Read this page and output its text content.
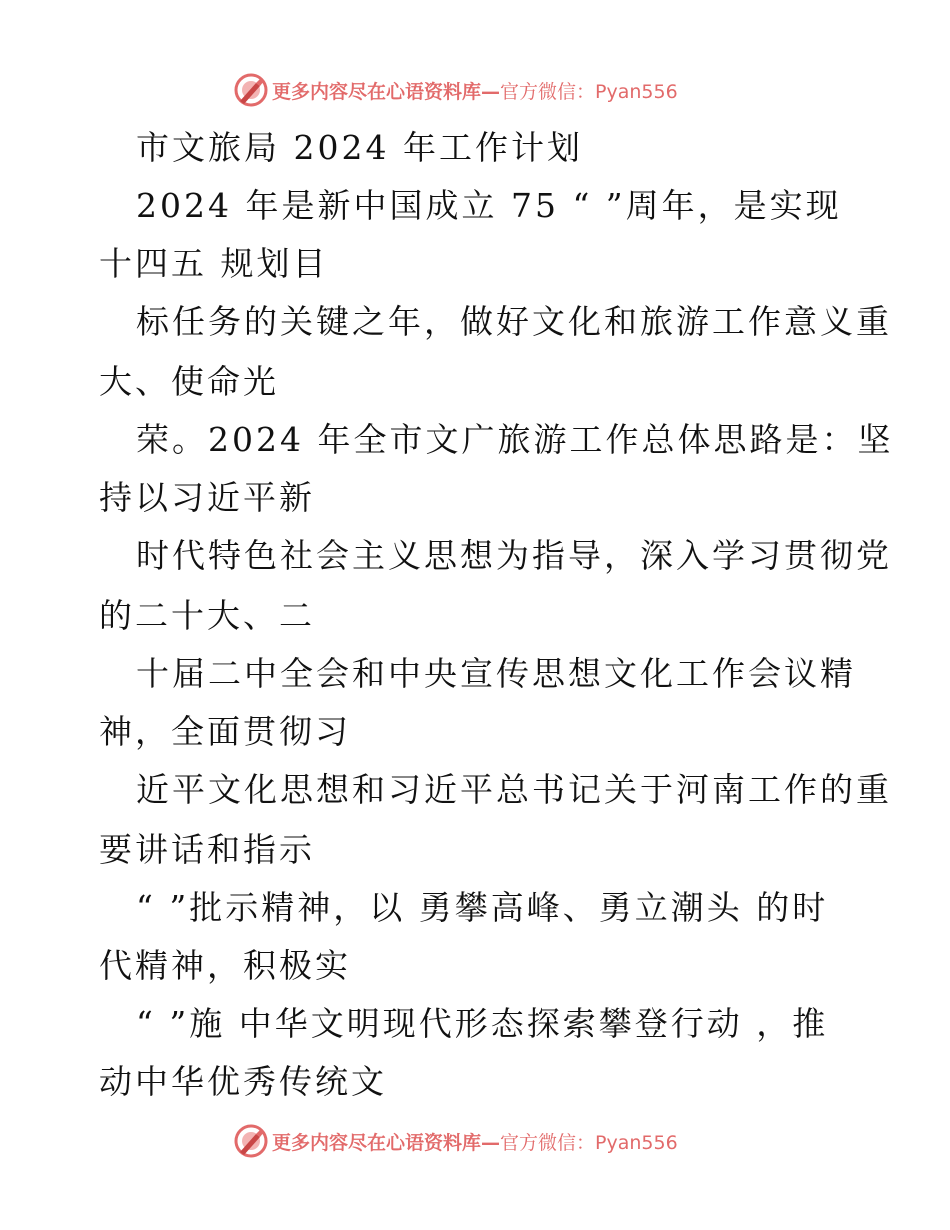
更多内容尽在心语资料库—官方微信：Pyan556
市文旅局 2024 年工作计划
2024 年是新中国成立 75 “ ”周年，是实现
十四五 规划目
标任务的关键之年，做好文化和旅游工作意义重
大、使命光
荣。2024 年全市文广旅游工作总体思路是：坚
持以习近平新
时代特色社会主义思想为指导，深入学习贯彻党
的二十大、二
十届二中全会和中央宣传思想文化工作会议精
神，全面贯彻习
近平文化思想和习近平总书记关于河南工作的重
要讲话和指示
“ ”批示精神，以 勇攀高峰、勇立潮头 的时
代精神，积极实
“ ”施 中华文明现代形态探索攀登行动 ，推
动中华优秀传统文
更多内容尽在心语资料库—官方微信：Pyan556
